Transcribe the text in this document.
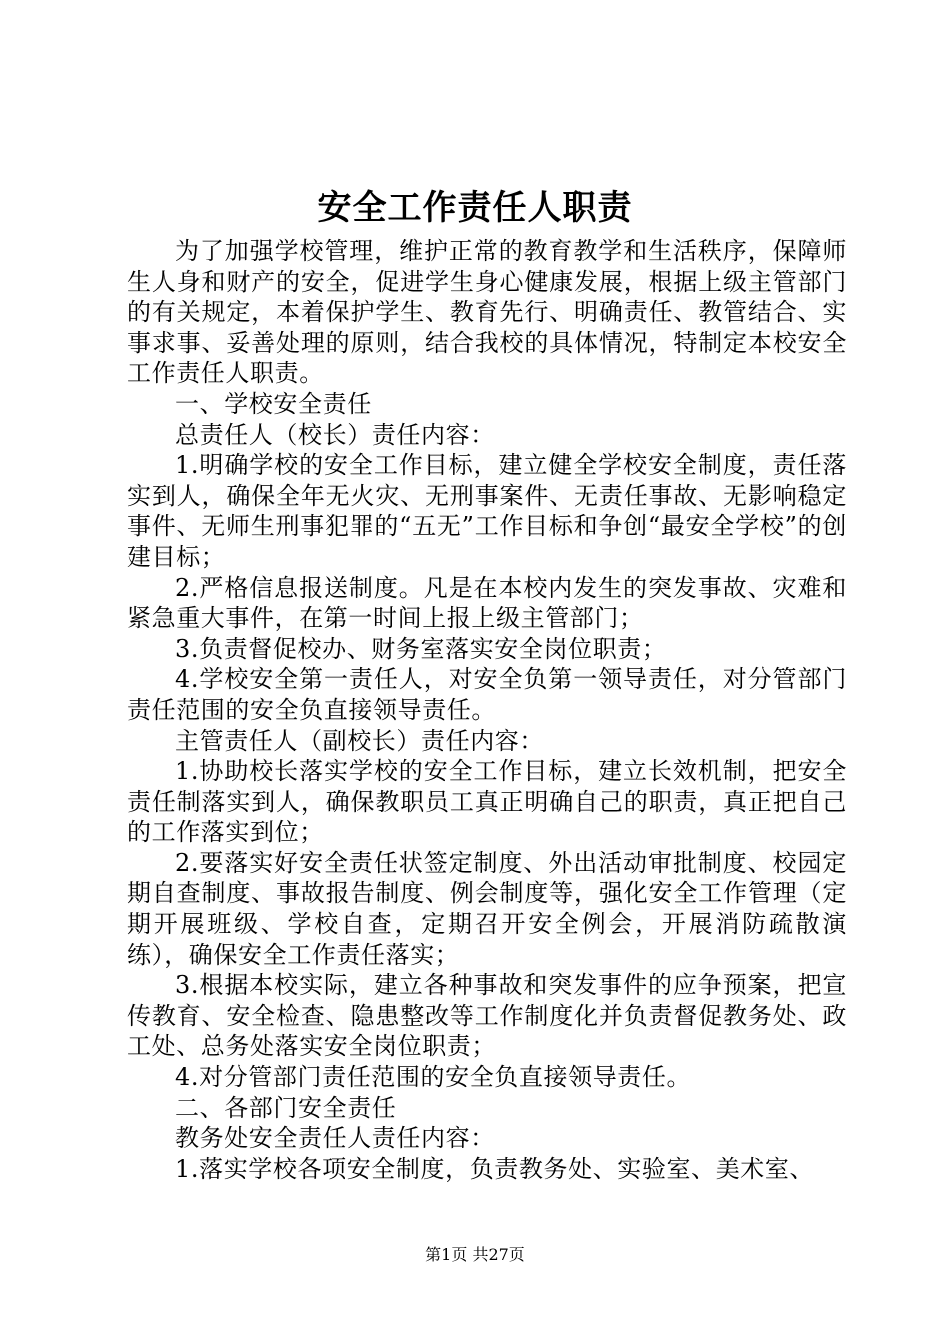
安全工作责任人职责

为了加强学校管理，维护正常的教育教学和生活秩序，保障师生人身和财产的安全，促进学生身心健康发展，根据上级主管部门的有关规定，本着保护学生、教育先行、明确责任、教管结合、实事求事、妥善处理的原则，结合我校的具体情况，特制定本校安全工作责任人职责。

一、学校安全责任

总责任人（校长）责任内容：

1.明确学校的安全工作目标，建立健全学校安全制度，责任落实到人，确保全年无火灾、无刑事案件、无责任事故、无影响稳定事件、无师生刑事犯罪的“五无”工作目标和争创“最安全学校”的创建目标；

2.严格信息报送制度。凡是在本校内发生的突发事故、灾难和紧急重大事件，在第一时间上报上级主管部门；

3.负责督促校办、财务室落实安全岗位职责；

4.学校安全第一责任人，对安全负第一领导责任，对分管部门责任范围的安全负直接领导责任。

主管责任人（副校长）责任内容：

1.协助校长落实学校的安全工作目标，建立长效机制，把安全责任制落实到人，确保教职员工真正明确自己的职责，真正把自己的工作落实到位；

2.要落实好安全责任状签定制度、外出活动审批制度、校园定期自查制度、事故报告制度、例会制度等，强化安全工作管理（定期开展班级、学校自查，定期召开安全例会，开展消防疏散演练），确保安全工作责任落实；

3.根据本校实际，建立各种事故和突发事件的应争预案，把宣传教育、安全检查、隐患整改等工作制度化并负责督促教务处、政工处、总务处落实安全岗位职责；

4.对分管部门责任范围的安全负直接领导责任。

二、各部门安全责任

教务处安全责任人责任内容：

1.落实学校各项安全制度，负责教务处、实验室、美术室、

第1页 共27页
